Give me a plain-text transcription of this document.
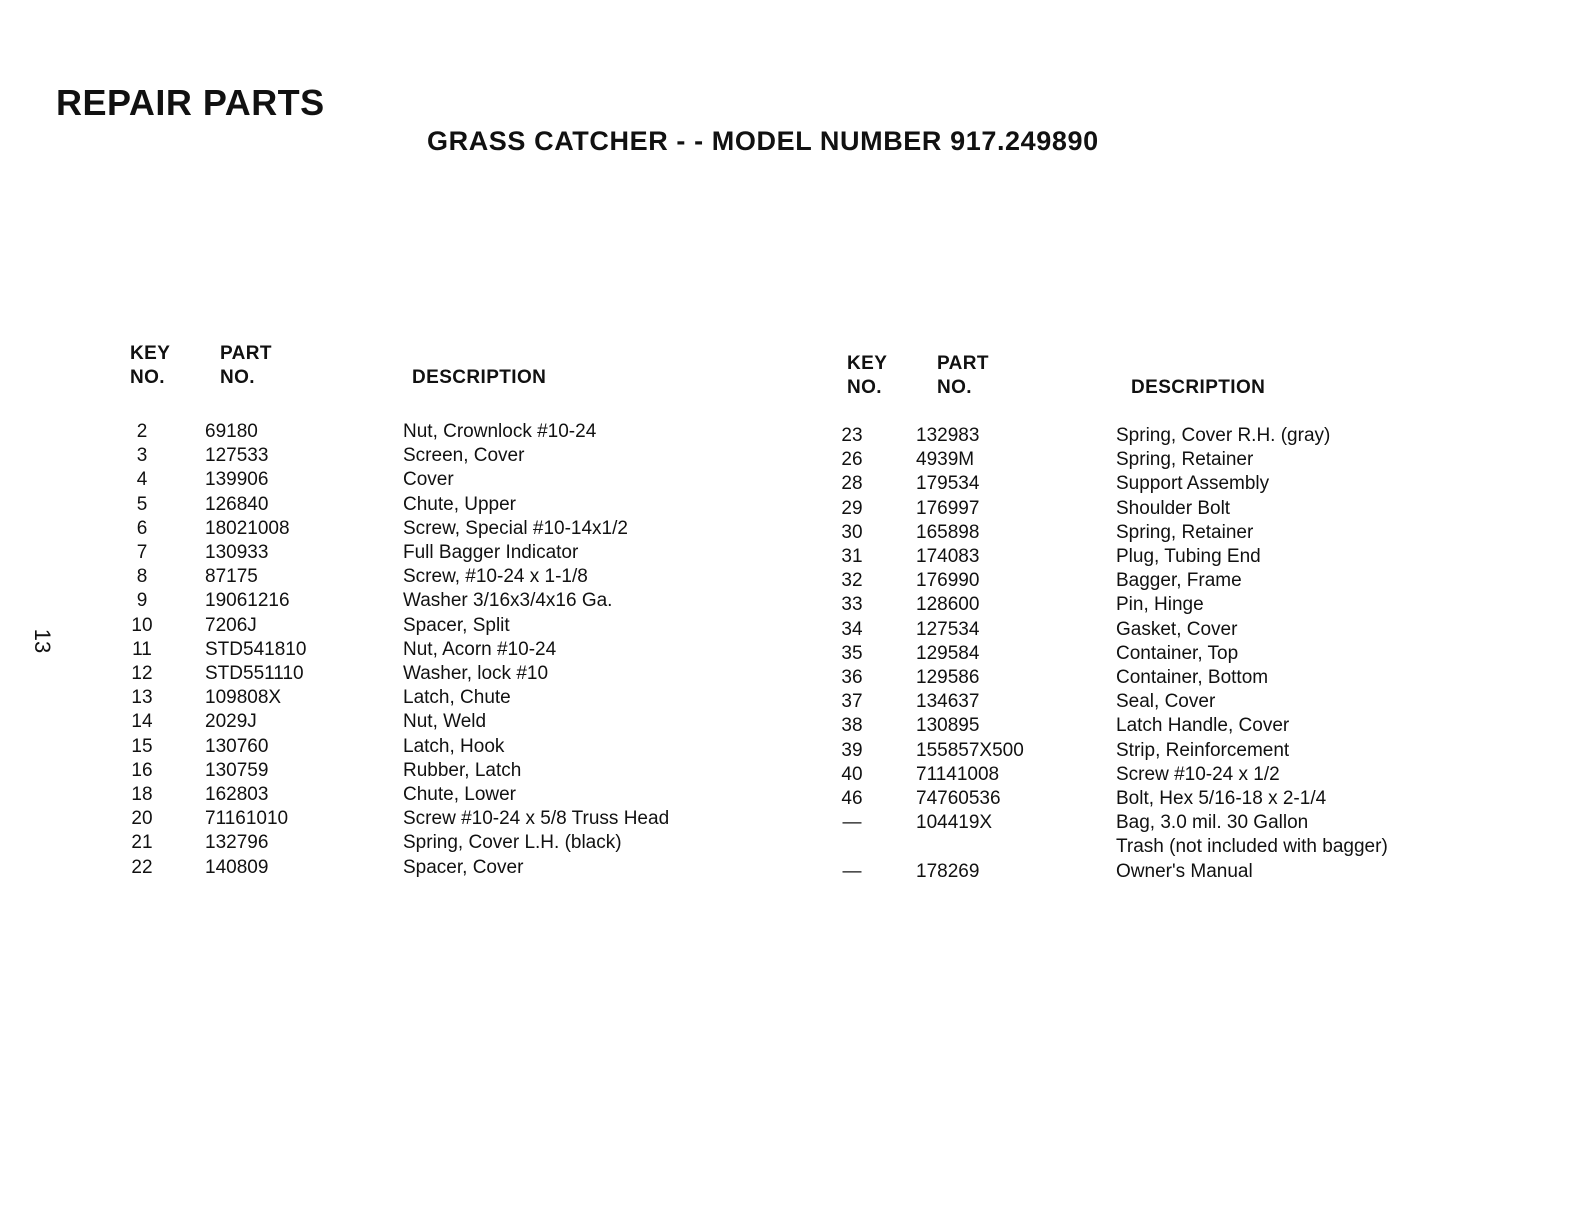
REPAIR PARTS
GRASS CATCHER - - MODEL NUMBER 917.249890
13
KEY
NO.
PART
NO.	DESCRIPTION
KEY
NO.
PART
NO.	DESCRIPTION
2	69180	Nut, Crownlock #10-24
3	127533	Screen, Cover
4	139906	Cover
5	126840	Chute, Upper
6	18021008	Screw, Special #10-14x1/2
7	130933	Full Bagger Indicator
8	87175	Screw, #10-24 x 1-1/8
9	19061216	Washer 3/16x3/4x16 Ga.
10	7206J	Spacer, Split
11	STD541810	Nut, Acorn #10-24
12	STD551110	Washer, lock #10
13	109808X	Latch, Chute
14	2029J	Nut, Weld
15	130760	Latch, Hook
16	130759	Rubber, Latch
18	162803	Chute, Lower
20	71161010	Screw #10-24 x 5/8 Truss Head
21	132796	Spring, Cover L.H. (black)
22	140809	Spacer, Cover
23	132983	Spring, Cover R.H. (gray)
26	4939M	Spring, Retainer
28	179534	Support Assembly
29	176997	Shoulder Bolt
30	165898	Spring, Retainer
31	174083	Plug, Tubing End
32	176990	Bagger, Frame
33	128600	Pin, Hinge
34	127534	Gasket, Cover
35	129584	Container, Top
36	129586	Container, Bottom
37	134637	Seal, Cover
38	130895	Latch Handle, Cover
39	155857X500	Strip, Reinforcement
40	71141008	Screw #10-24 x 1/2
46	74760536	Bolt, Hex 5/16-18 x 2-1/4
—	104419X	Bag, 3.0 mil. 30 Gallon
Trash (not included with bagger)
—	178269	Owner's Manual
